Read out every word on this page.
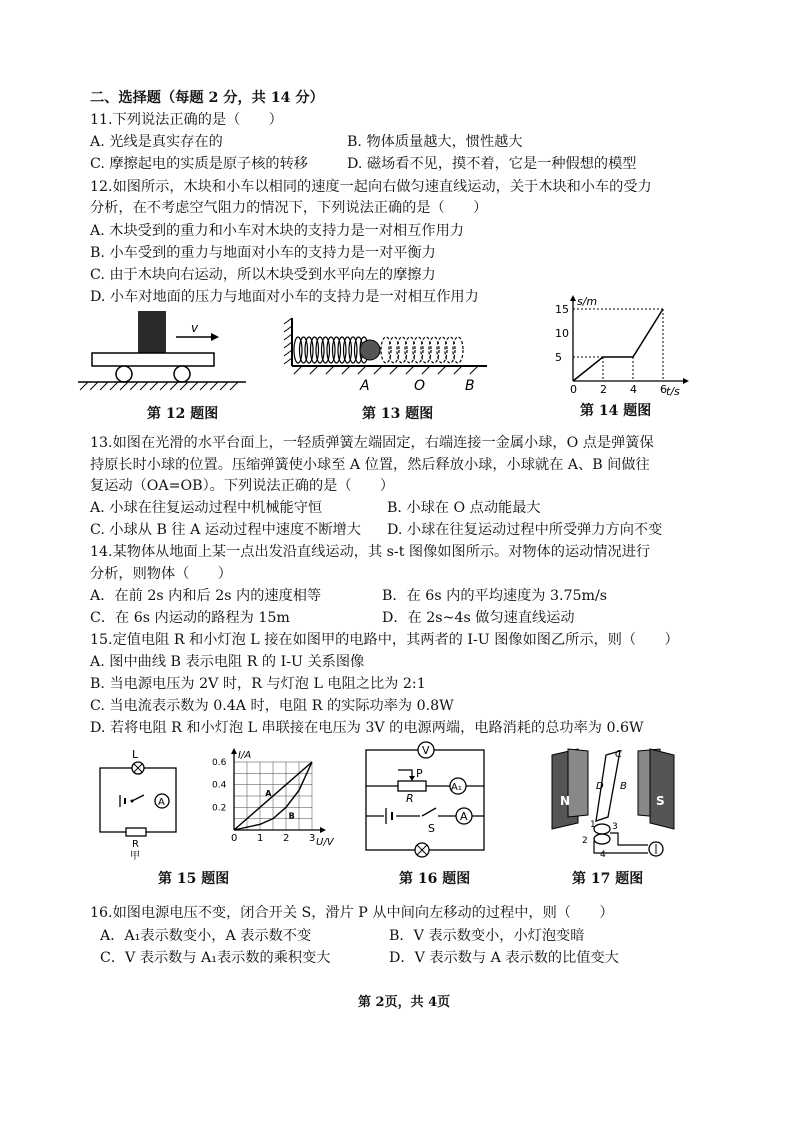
二、选择题（每题 2 分，共 14 分）
11.下列说法正确的是（　　）
A. 光线是真实存在的	B. 物体质量越大，惯性越大
C. 摩擦起电的实质是原子核的转移	D. 磁场看不见，摸不着，它是一种假想的模型
12.如图所示，木块和小车以相同的速度一起向右做匀速直线运动，关于木块和小车的受力
分析，在不考虑空气阻力的情况下，下列说法正确的是（　　）
A. 木块受到的重力和小车对木块的支持力是一对相互作用力
B. 小车受到的重力与地面对小车的支持力是一对平衡力
C. 由于木块向右运动，所以木块受到水平向左的摩擦力
D. 小车对地面的压力与地面对小车的支持力是一对相互作用力
v
第 12 题图
A	O	B
第 13 题图
s/m
t/s
0 2 4 6
5
10
15
第 14 题图
13.如图在光滑的水平台面上，一轻质弹簧左端固定，右端连接一金属小球，O 点是弹簧保
持原长时小球的位置。压缩弹簧使小球至 A 位置，然后释放小球，小球就在 A、B 间做往
复运动（OA=OB）。下列说法正确的是（　　）
A. 小球在往复运动过程中机械能守恒	B. 小球在 O 点动能最大
C. 小球从 B 往 A 运动过程中速度不断增大 D. 小球在往复运动过程中所受弹力方向不变
14.某物体从地面上某一点出发沿直线运动，其 s-t 图像如图所示。对物体的运动情况进行
分析，则物体（　　）
A．在前 2s 内和后 2s 内的速度相等	B．在 6s 内的平均速度为 3.75m/s
C．在 6s 内运动的路程为 15m	D．在 2s~4s 做匀速直线运动
15.定值电阻 R 和小灯泡 L 接在如图甲的电路中，其两者的 I-U 图像如图乙所示，则（　　）
A. 图中曲线 B 表示电阻 R 的 I-U 关系图像
B. 当电源电压为 2V 时，R 与灯泡 L 电阻之比为 2:1
C. 当电流表示数为 0.4A 时，电阻 R 的实际功率为 0.8W
D. 若将电阻 R 和小灯泡 L 串联接在电压为 3V 的电源两端，电路消耗的总功率为 0.6W
L
A
R
甲
I/A
U/V
0 1 2 3
0.2
0.4
0.6
A
B
V
P
R
A₁
S
A
第 15 题图	第 16 题图
N	S
C
D B
1 3
2
4
第 17 题图
16.如图电源电压不变，闭合开关 S，滑片 P 从中间向左移动的过程中，则（　　）
A．A₁表示数变小，A 表示数不变	B．V 表示数变小，小灯泡变暗
C．V 表示数与 A₁表示数的乘积变大	D．V 表示数与 A 表示数的比值变大
第 2页，共 4页
